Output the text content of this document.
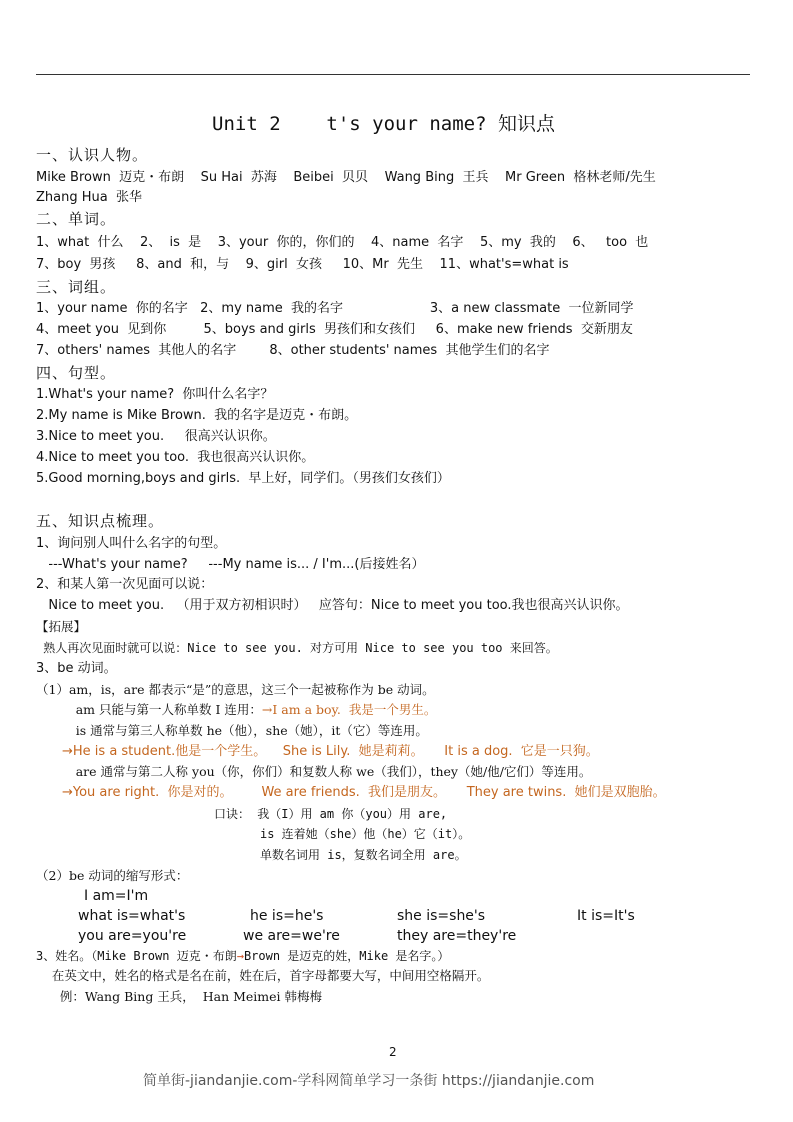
Unit 2    t's your name? 知识点
一、认识人物。
Mike Brown  迈克・布朗    Su Hai  苏海    Beibei  贝贝    Wang Bing  王兵    Mr Green  格林老师/先生
Zhang Hua  张华
二、单词。
1、what  什么    2、  is  是    3、your  你的，你们的    4、name  名字    5、my  我的    6、   too  也
7、boy  男孩     8、and  和，与    9、girl  女孩     10、Mr  先生    11、what's=what is
三、词组。
1、your name  你的名字   2、my name  我的名字                     3、a new classmate  一位新同学
4、meet you  见到你         5、boys and girls  男孩们和女孩们     6、make new friends  交新朋友
7、others' names  其他人的名字        8、other students' names  其他学生们的名字
四、句型。
1.What's your name?  你叫什么名字？
2.My name is Mike Brown.  我的名字是迈克・布朗。
3.Nice to meet you.     很高兴认识你。
4.Nice to meet you too.  我也很高兴认识你。
5.Good morning,boys and girls.  早上好，同学们。（男孩们女孩们）
五、知识点梳理。
1、询问别人叫什么名字的句型。
---What's your name?     ---My name is... / I'm...(后接姓名）
2、和某人第一次见面可以说：
Nice to meet you.   （用于双方初相识时）   应答句：Nice to meet you too.我也很高兴认识你。
【拓展】
熟人再次见面时就可以说：Nice to see you. 对方可用 Nice to see you too 来回答。
3、be 动词。
（1）am，is，are 都表示“是”的意思，这三个一起被称作为 be 动词。
am 只能与第一人称单数 I 连用：→I am a boy.  我是一个男生。
is 通常与第三人称单数 he（他），she（她），it（它）等连用。
→He is a student.他是一个学生。    She is Lily.  她是莉莉。     It is a dog.  它是一只狗。
are 通常与第二人称 you（你，你们）和复数人称 we（我们），they（她/他/它们）等连用。
→You are right.  你是对的。       We are friends.  我们是朋友。     They are twins.  她们是双胞胎。
口诀： 我（I）用 am 你（you）用 are,
is 连着她（she）他（he）它（it）。
单数名词用 is，复数名词全用 are。
（2）be 动词的缩写形式：
I am=I'm
what is=what's	he is=he's	she is=she's	It is=It's
you are=you're	we are=we're	they are=they're
3、姓名。（Mike Brown 迈克・布朗→Brown 是迈克的姓，Mike 是名字。）
在英文中，姓名的格式是名在前，姓在后，首字母都要大写，中间用空格隔开。
例：Wang Bing 王兵，  Han Meimei 韩梅梅
2
简单街-jiandanjie.com-学科网简单学习一条街 https://jiandanjie.com
